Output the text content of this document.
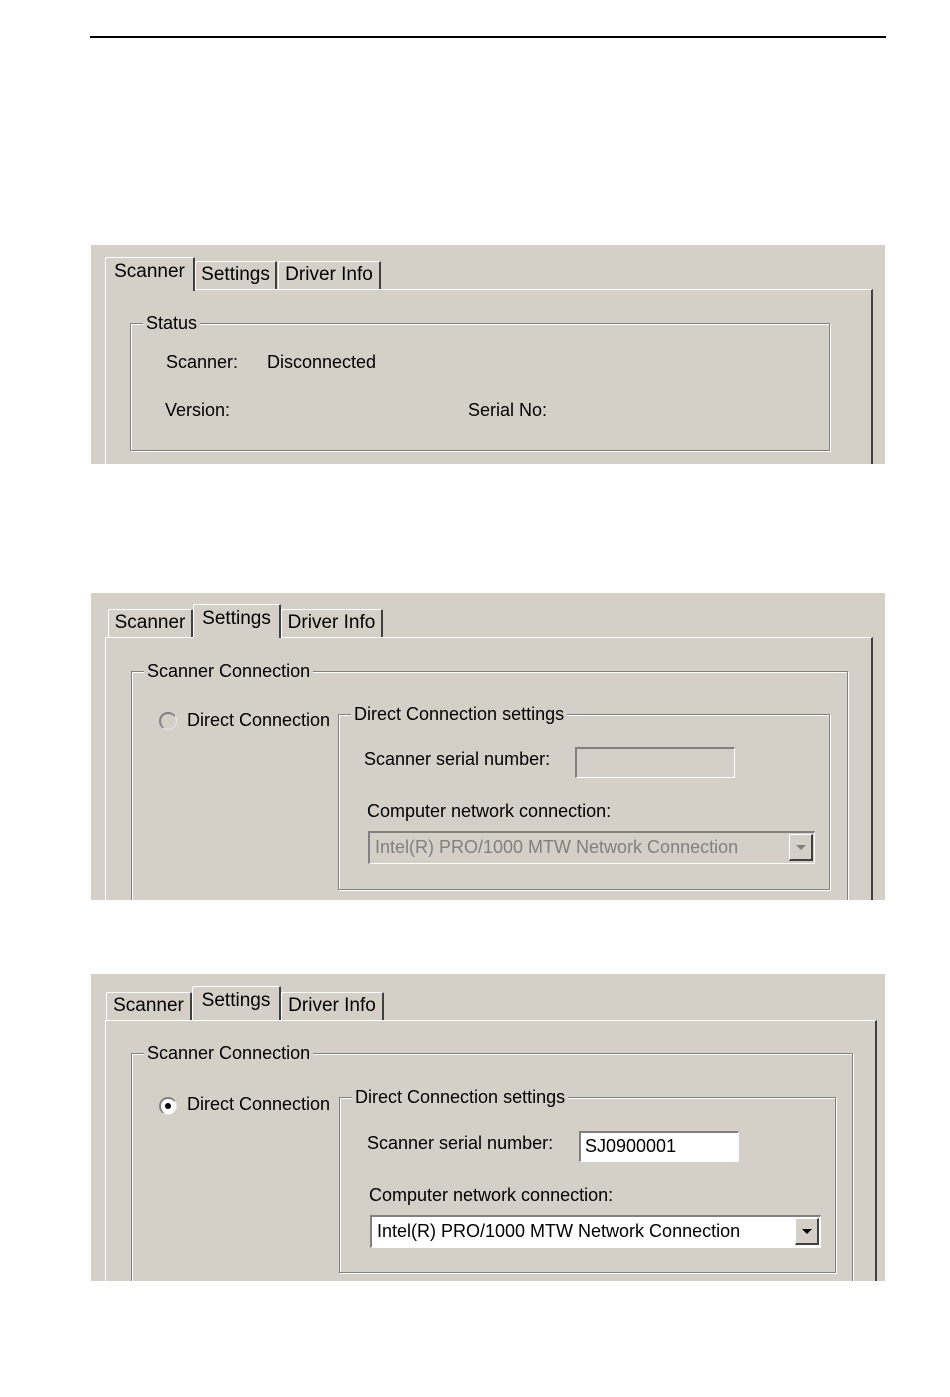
Status
Scanner: Disconnected
Version:	Serial No:
Scanner Settings Driver Info
Scanner Connection
Direct Connection Direct Connection settings
Scanner serial number:
Computer network connection:
Intel(R) PRO/1000 MTW Network Connection
Scanner Settings Driver Info
Scanner Connection
Direct Connection Direct Connection settings
Scanner serial number:	SJ0900001
Computer network connection:
Intel(R) PRO/1000 MTW Network Connection
Scanner Settings Driver Info
